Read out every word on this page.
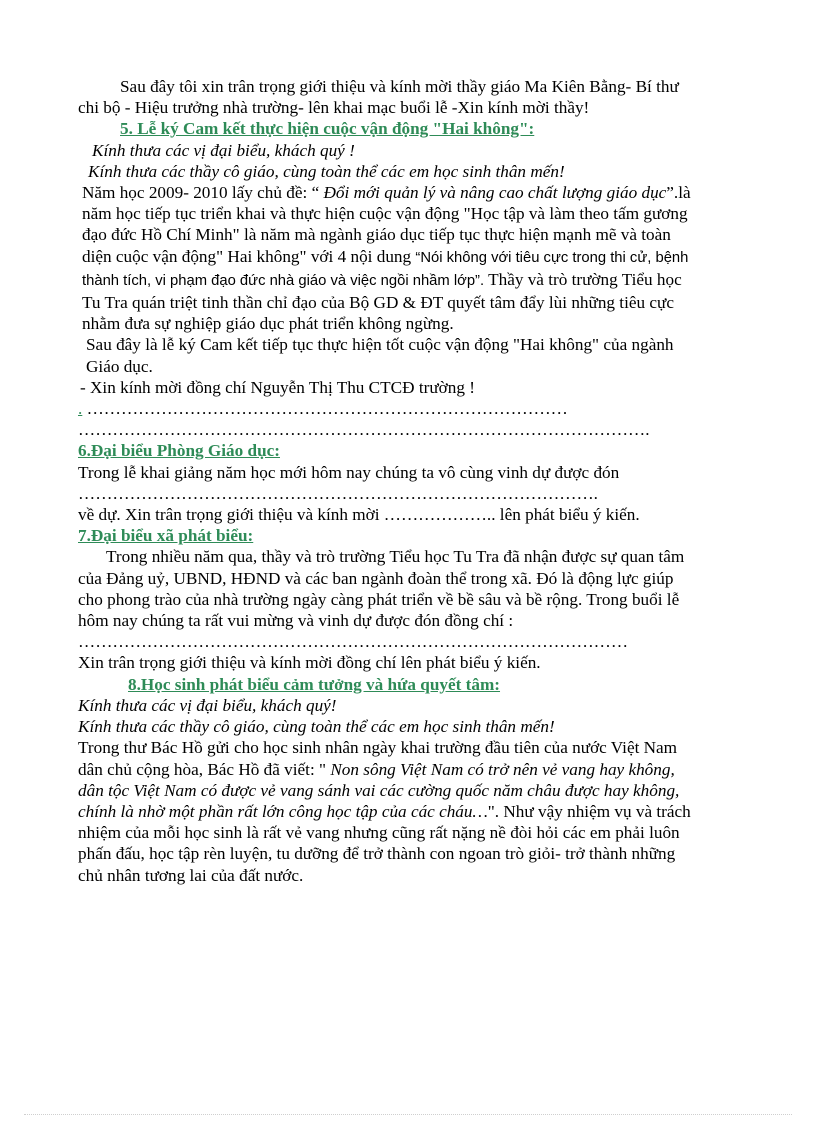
Sau đây tôi xin trân trọng giới thiệu và kính mời thầy giáo Ma Kiên Bằng- Bí thư chi bộ - Hiệu trưởng nhà trường- lên khai mạc buổi lễ -Xin kính mời thầy!

5. Lễ ký Cam kết thực hiện cuộc vận động "Hai không":

Kính thưa các vị đại biểu, khách quý !

Kính thưa các thầy cô giáo, cùng toàn thể các em học sinh thân mến!

Năm học 2009- 2010 lấy chủ đề: “ Đổi mới quản lý và nâng cao chất lượng giáo dục”.là năm học tiếp tục triển khai và thực hiện cuộc vận động "Học tập và làm theo tấm gương đạo đức Hồ Chí Minh" là năm mà ngành giáo dục tiếp tục thực hiện mạnh mẽ và toàn diện cuộc vận động" Hai không" với 4 nội dung “Nói không với tiêu cực trong thi cử, bệnh thành tích, vi phạm đạo đức nhà giáo và việc ngồi nhầm lớp”. Thầy và trò trường Tiểu học Tu Tra quán triệt tinh thần chỉ đạo của Bộ GD & ĐT quyết tâm đẩy lùi những tiêu cực nhằm đưa sự nghiệp giáo dục phát triển không ngừng.

Sau đây là lễ ký Cam kết tiếp tục thực hiện tốt cuộc vận động "Hai không" của ngành Giáo dục.

- Xin kính mời đồng chí Nguyễn Thị Thu CTCĐ trường !

. …………………………………………………………………………

……………………………………………………………………………………….

6.Đại biểu Phòng Giáo dục:

Trong lễ khai giảng năm học mới hôm nay chúng ta vô cùng vinh dự được đón

……………………………………………………………………………….

về dự. Xin trân trọng giới thiệu và kính mời ……………….. lên phát biểu ý kiến.

7.Đại biểu xã phát biểu:

Trong nhiều năm qua, thầy và trò trường Tiểu học Tu Tra đã nhận được sự quan tâm của Đảng uỷ, UBND, HĐND và các ban ngành đoàn thể trong xã. Đó là động lực giúp cho phong trào của nhà trường ngày càng phát triển về bề sâu và bề rộng. Trong buổi lễ hôm nay chúng ta rất vui mừng và vinh dự được đón đồng chí :

……………………………………………………………………………………

Xin trân trọng giới thiệu và kính mời đồng chí lên phát biểu ý kiến.

8.Học sinh phát biểu cảm tưởng và hứa quyết tâm:

Kính thưa các vị đại biểu, khách quý!

Kính thưa các thầy cô giáo, cùng toàn thể các em học sinh thân mến!

Trong thư Bác Hồ gửi cho học sinh nhân ngày khai trường đầu tiên của nước Việt Nam dân chủ cộng hòa, Bác Hồ đã viết: " Non sông Việt Nam có trở nên vẻ vang hay không, dân tộc Việt Nam có được vẻ vang sánh vai các cường quốc năm châu được hay không, chính là nhờ một phần rất lớn công học tập của các cháu…". Như vậy nhiệm vụ và trách nhiệm của mỗi học sinh là rất vẻ vang nhưng cũng rất nặng nề đòi hỏi các em phải luôn phấn đấu, học tập rèn luyện, tu dưỡng để trở thành con ngoan trò giỏi- trở thành những chủ nhân tương lai của đất nước.
